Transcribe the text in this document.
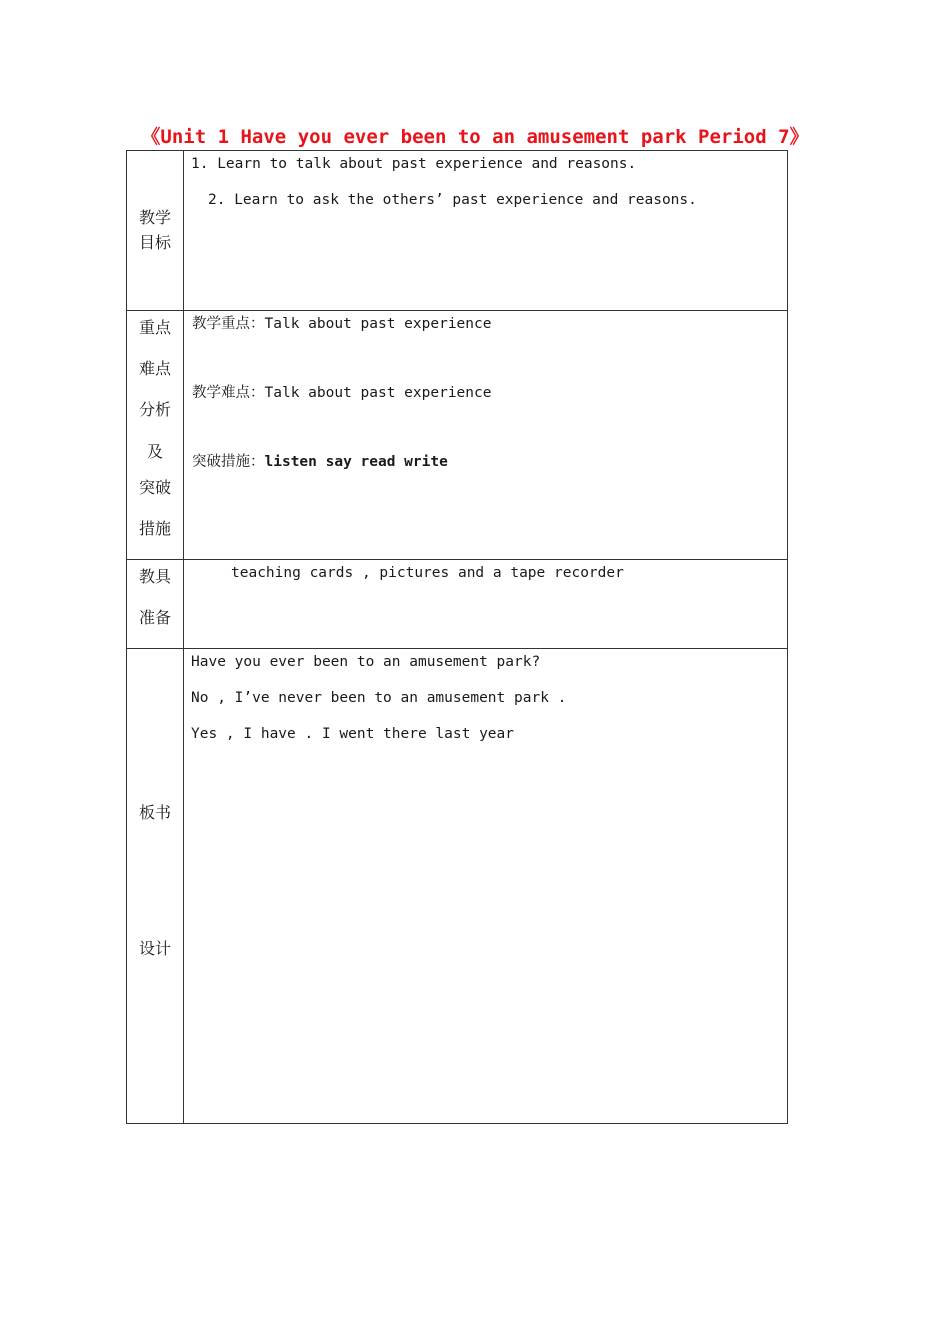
《Unit 1 Have you ever been to an amusement park Period 7》
教学
目标
1. Learn to talk about past experience and reasons.
2. Learn to ask the others’ past experience and reasons.
重点
难点
分析
及
突破
措施
教学重点：Talk about past experience
教学难点：Talk about past experience
突破措施：listen say read write
教具
准备
teaching cards , pictures and a tape recorder
板书
设计
Have you ever been to an amusement park?
No , I’ve never been to an amusement park .
Yes , I have . I went there last year
